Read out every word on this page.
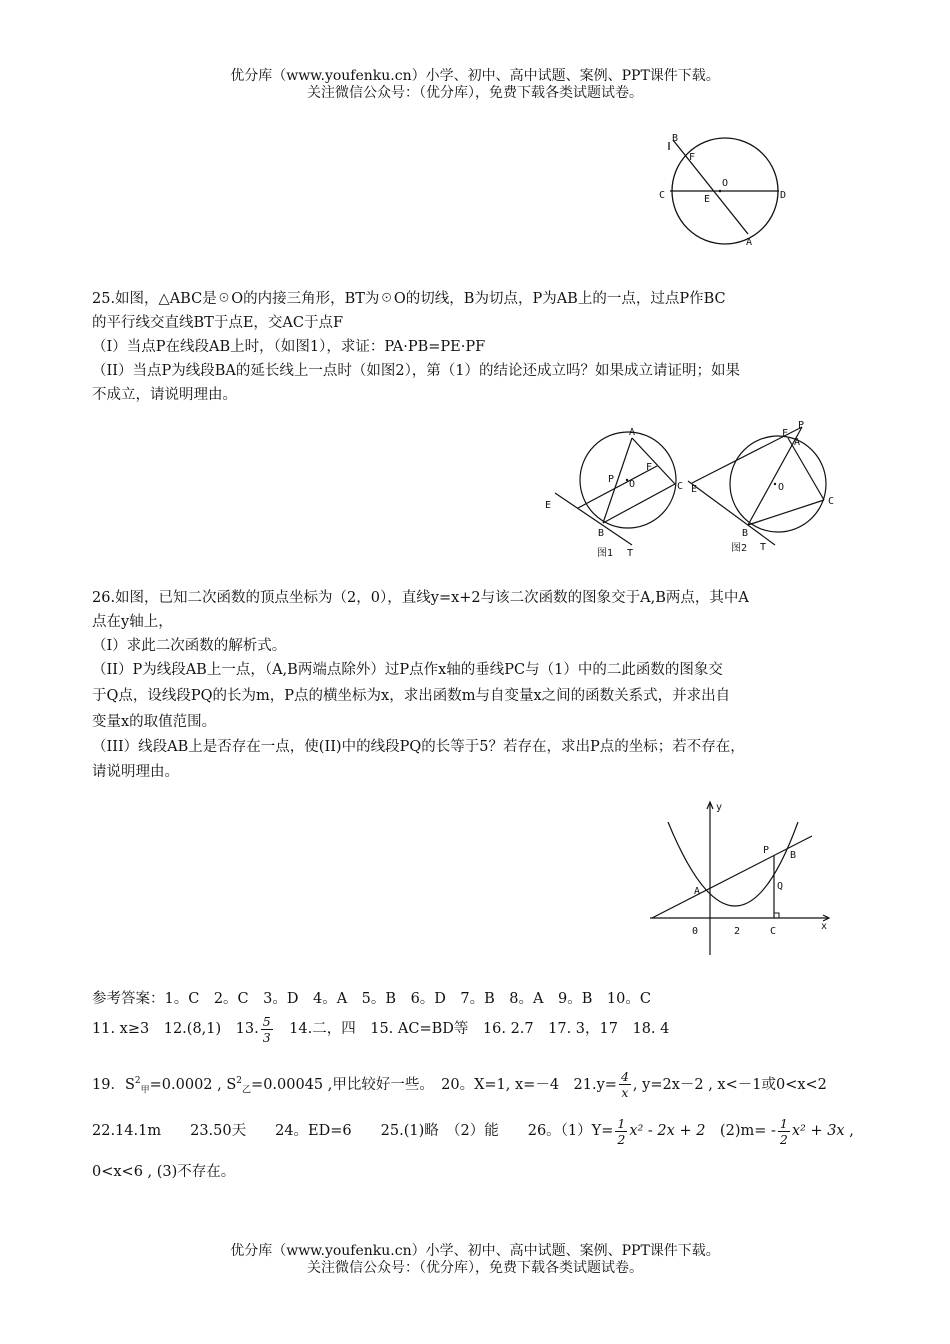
优分库（www.youfenku.cn）小学、初中、高中试题、案例、PPT课件下载。
关注微信公众号：（优分库），免费下载各类试题试卷。
B
F
C
O
E	D
A
25.如图，△ABC是☉O的内接三角形，BT为☉O的切线，B为切点，P为AB上的一点，过点P作BC
的平行线交直线BT于点E，交AC于点F
（I）当点P在线段AB上时，（如图1），求证：PA·PB=PE·PF
（II）当点P为线段BA的延长线上一点时（如图2），第（1）的结论还成立吗？如果成立请证明；如果
不成立，请说明理由。
A
F
P O	C
E
B
图1 T
P
F
A
E	O
C
B
图2 T
26.如图，已知二次函数的顶点坐标为（2，0），直线y=x+2与该二次函数的图象交于A,B两点，其中A
点在y轴上，
（I）求此二次函数的解析式。
（II）P为线段AB上一点，（A,B两端点除外）过P点作x轴的垂线PC与（1）中的二此函数的图象交
于Q点，设线段PQ的长为m，P点的横坐标为x，求出函数m与自变量x之间的函数关系式，并求出自
变量x的取值范围。
（III）线段AB上是否存在一点，使(II)中的线段PQ的长等于5？若存在，求出P点的坐标；若不存在，
请说明理由。
y
x
P B
A	Q
0	2	C
参考答案：1。C　2。C　3。D　4。A　5。B　6。D　7。B　8。A　9。B　10。C
11. x≥3　12.(8,1)　13. $\frac{5}{3}$ 　14.二，四　15. AC=BD等　16. 2.7　17. 3，17　18. 4
19．$S^2_甲=0.0002$ , $S^2_乙=0.00045$ ,甲比较好一些。　20。X=1, x=－4　$21.y= \frac{4}{x}$ , y=2x－2 , x<－1或0<x<2
22.14.1m　　23.50天　　24。ED=6　　25.(1)略　（2）能　　26。$(1)Y= \frac{1}{2} x^2 - 2x + 2$　$(2)m= - \frac{1}{2} x^2 + 3x$ ,
0<x<6 , (3)不存在。
优分库（www.youfenku.cn）小学、初中、高中试题、案例、PPT课件下载。
关注微信公众号：（优分库），免费下载各类试题试卷。
